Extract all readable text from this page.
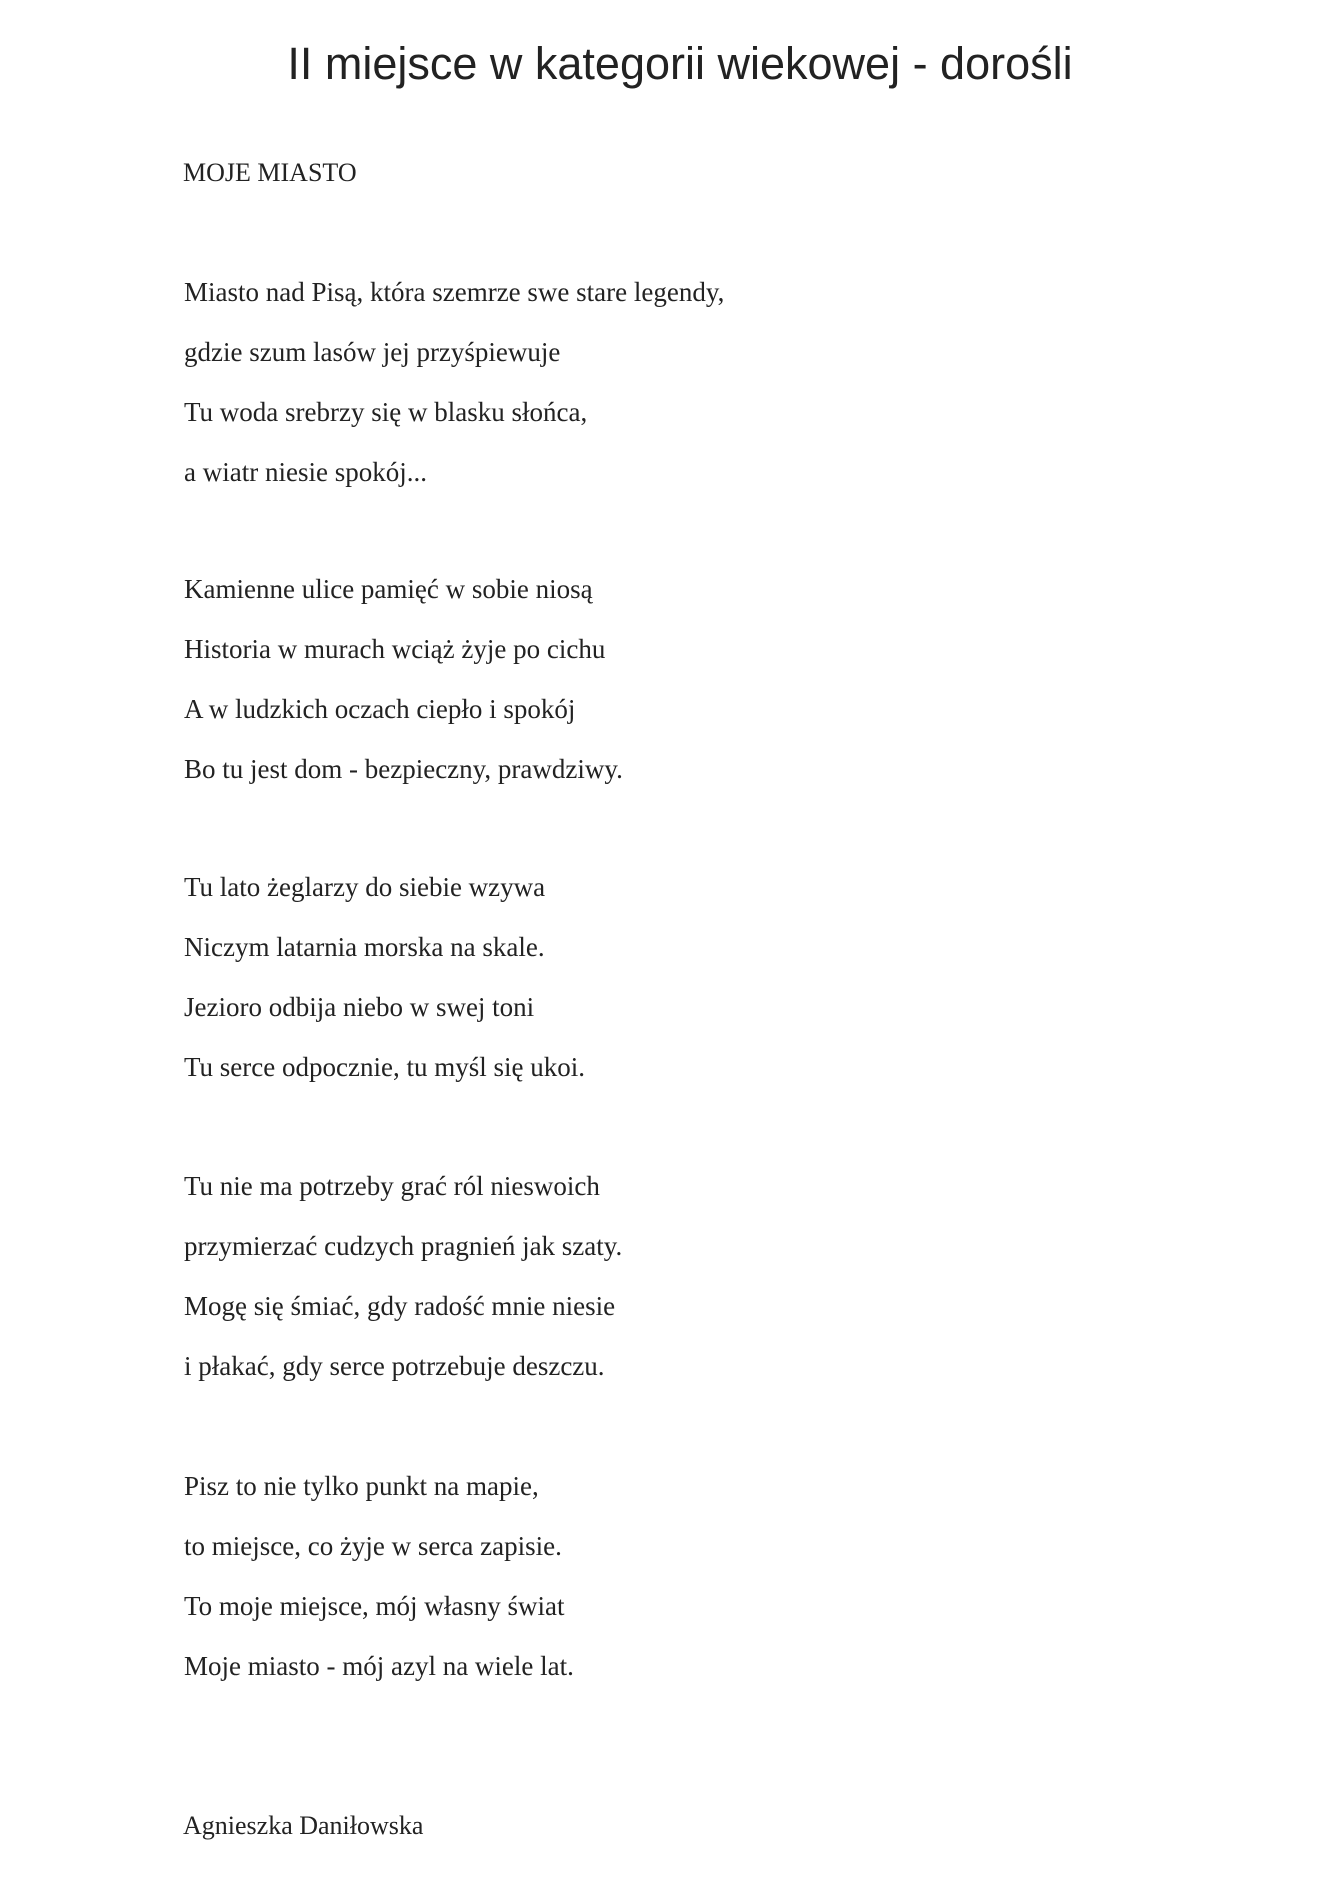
II miejsce w kategorii wiekowej - dorośli
MOJE MIASTO
Miasto nad Pisą, która szemrze swe stare legendy,
gdzie szum lasów jej przyśpiewuje
Tu woda srebrzy się w blasku słońca,
a wiatr niesie spokój...
Kamienne ulice pamięć w sobie niosą
Historia w murach wciąż żyje po cichu
A w ludzkich oczach ciepło i spokój
Bo tu jest dom - bezpieczny, prawdziwy.
Tu lato żeglarzy do siebie wzywa
Niczym latarnia morska na skale.
Jezioro odbija niebo w swej toni
Tu serce odpocznie, tu myśl się ukoi.
Tu nie ma potrzeby grać ról nieswoich
przymierzać cudzych pragnień jak szaty.
Mogę się śmiać, gdy radość mnie niesie
i płakać, gdy serce potrzebuje deszczu.
Pisz to nie tylko punkt na mapie,
to miejsce, co żyje w serca zapisie.
To moje miejsce, mój własny świat
Moje miasto - mój azyl na wiele lat.

Agnieszka Daniłowska
